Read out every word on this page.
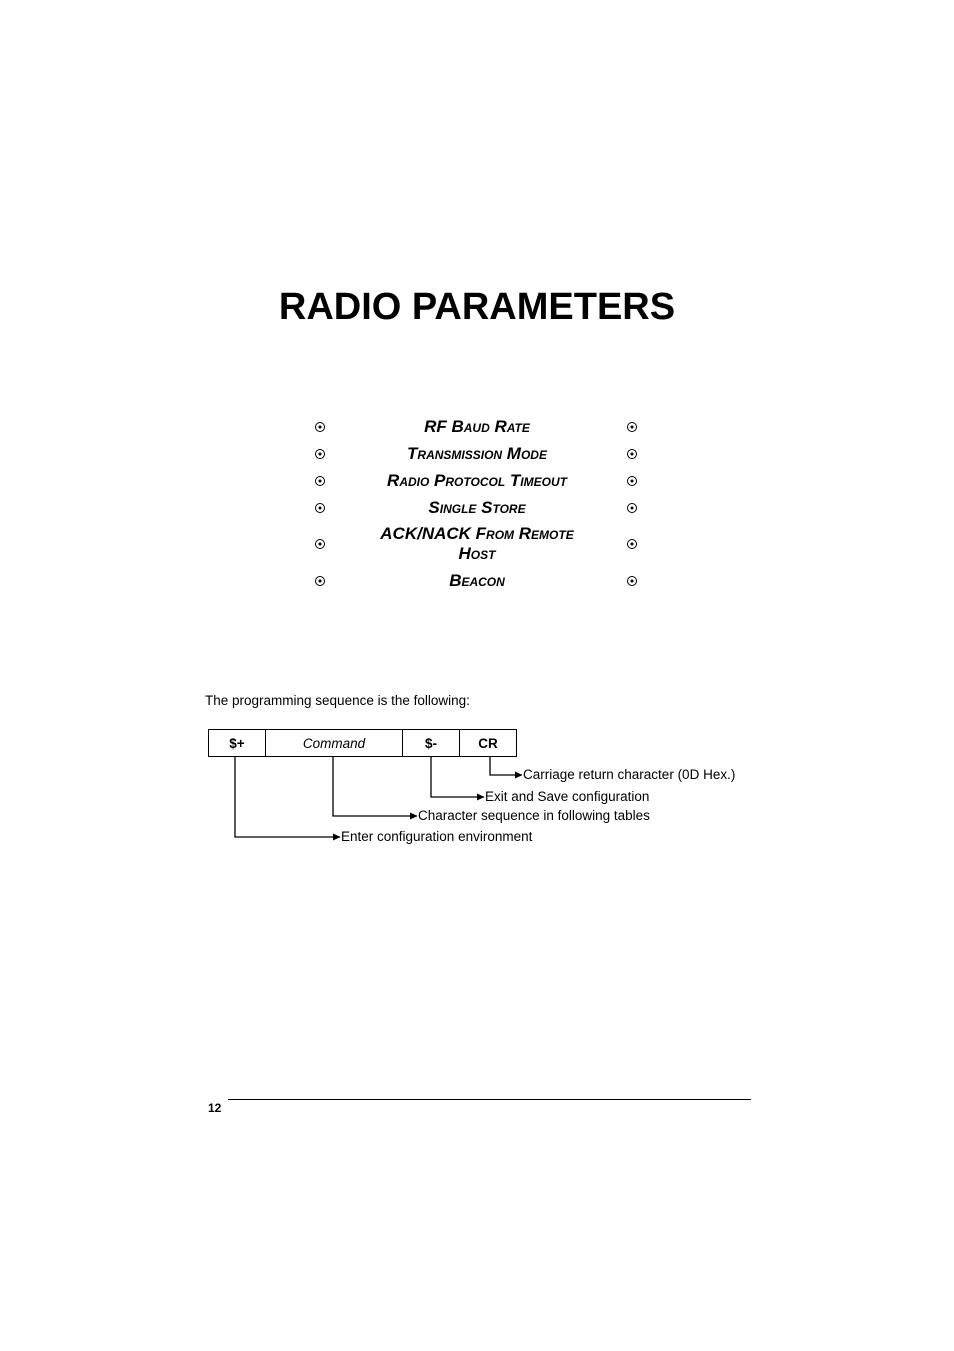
RADIO PARAMETERS
RF Baud Rate
Transmission Mode
Radio Protocol Timeout
Single Store
ACK/NACK From Remote Host
Beacon
The programming sequence is the following:
$+	Command	$-	CR
Carriage return character (0D Hex.)
Exit and Save configuration
Character sequence in following tables
Enter configuration environment
12
